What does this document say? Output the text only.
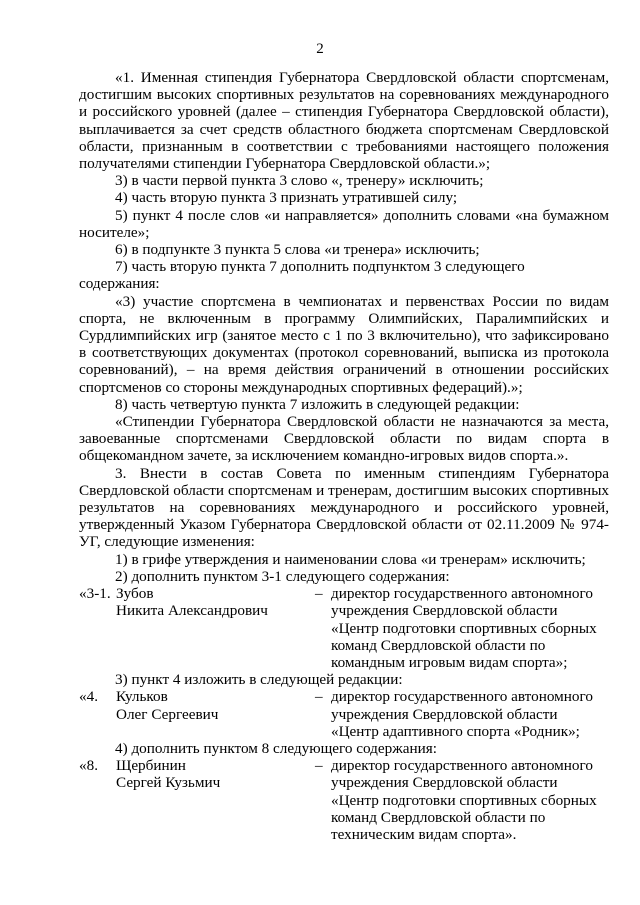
2

«1. Именная стипендия Губернатора Свердловской области спортсменам, достигшим высоких спортивных результатов на соревнованиях международного и российского уровней (далее – стипендия Губернатора Свердловской области), выплачивается за счет средств областного бюджета спортсменам Свердловской области, признанным в соответствии с требованиями настоящего положения получателями стипендии Губернатора Свердловской области.»;

3) в части первой пункта 3 слово «, тренеру» исключить;

4) часть вторую пункта 3 признать утратившей силу;

5) пункт 4 после слов «и направляется» дополнить словами «на бумажном носителе»;

6) в подпункте 3 пункта 5 слова «и тренера» исключить;

7) часть вторую пункта 7 дополнить подпунктом 3 следующего содержания:

«3) участие спортсмена в чемпионатах и первенствах России по видам спорта, не включенным в программу Олимпийских, Паралимпийских и Сурдлимпийских игр (занятое место с 1 по 3 включительно), что зафиксировано в соответствующих документах (протокол соревнований, выписка из протокола соревнований), – на время действия ограничений в отношении российских спортсменов со стороны международных спортивных федераций).»;

8) часть четвертую пункта 7 изложить в следующей редакции:

«Стипендии Губернатора Свердловской области не назначаются за места, завоеванные спортсменами Свердловской области по видам спорта в общекомандном зачете, за исключением командно-игровых видов спорта.».

3. Внести в состав Совета по именным стипендиям Губернатора Свердловской области спортсменам и тренерам, достигшим высоких спортивных результатов на соревнованиях международного и российского уровней, утвержденный Указом Губернатора Свердловской области от 02.11.2009 № 974-УГ, следующие изменения:

1) в грифе утверждения и наименовании слова «и тренерам» исключить;

2) дополнить пунктом 3-1 следующего содержания:

«3-1. Зубов
Никита Александрович
– директор государственного автономного учреждения Свердловской области «Центр подготовки спортивных сборных команд Свердловской области по командным игровым видам спорта»;

3) пункт 4 изложить в следующей редакции:

«4. Кульков
Олег Сергеевич
– директор государственного автономного учреждения Свердловской области «Центр адаптивного спорта «Родник»;

4) дополнить пунктом 8 следующего содержания:

«8. Щербинин
Сергей Кузьмич
– директор государственного автономного учреждения Свердловской области «Центр подготовки спортивных сборных команд Свердловской области по техническим видам спорта».
